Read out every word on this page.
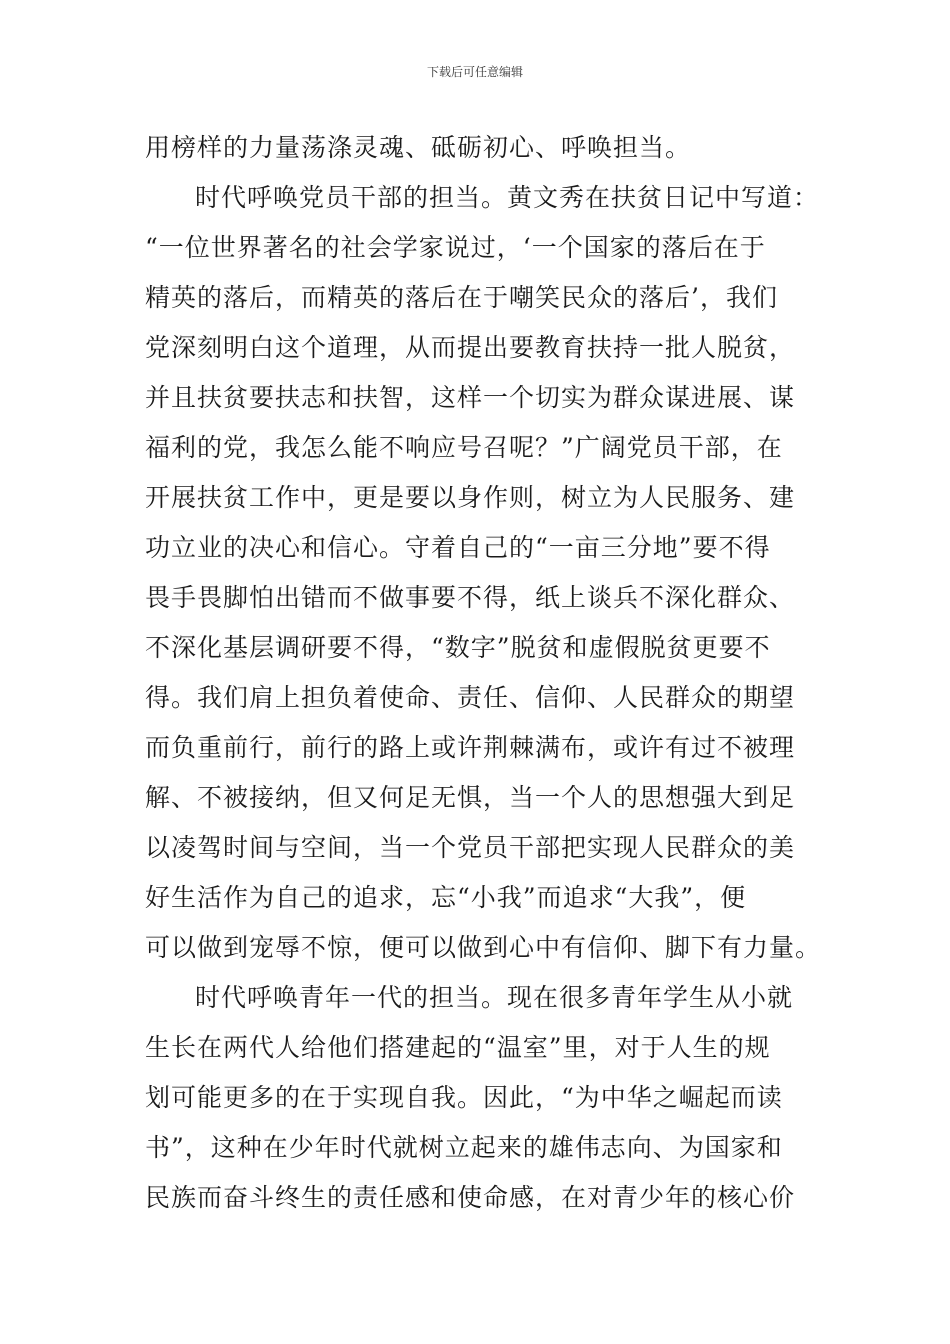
下载后可任意编辑
用榜样的力量荡涤灵魂、砥砺初心、呼唤担当。
时代呼唤党员干部的担当。黄文秀在扶贫日记中写道：
“一位世界著名的社会学家说过，‘一个国家的落后在于
精英的落后，而精英的落后在于嘲笑民众的落后’，我们
党深刻明白这个道理，从而提出要教育扶持一批人脱贫，
并且扶贫要扶志和扶智，这样一个切实为群众谋进展、谋
福利的党，我怎么能不响应号召呢？”广阔党员干部，在
开展扶贫工作中，更是要以身作则，树立为人民服务、建
功立业的决心和信心。守着自己的“一亩三分地”要不得
畏手畏脚怕出错而不做事要不得，纸上谈兵不深化群众、
不深化基层调研要不得，“数字”脱贫和虚假脱贫更要不
得。我们肩上担负着使命、责任、信仰、人民群众的期望
而负重前行，前行的路上或许荆棘满布，或许有过不被理
解、不被接纳，但又何足无惧，当一个人的思想强大到足
以凌驾时间与空间，当一个党员干部把实现人民群众的美
好生活作为自己的追求，忘“小我”而追求“大我”，便
可以做到宠辱不惊，便可以做到心中有信仰、脚下有力量。
时代呼唤青年一代的担当。现在很多青年学生从小就
生长在两代人给他们搭建起的“温室”里，对于人生的规
划可能更多的在于实现自我。因此，“为中华之崛起而读
书”，这种在少年时代就树立起来的雄伟志向、为国家和
民族而奋斗终生的责任感和使命感，在对青少年的核心价
